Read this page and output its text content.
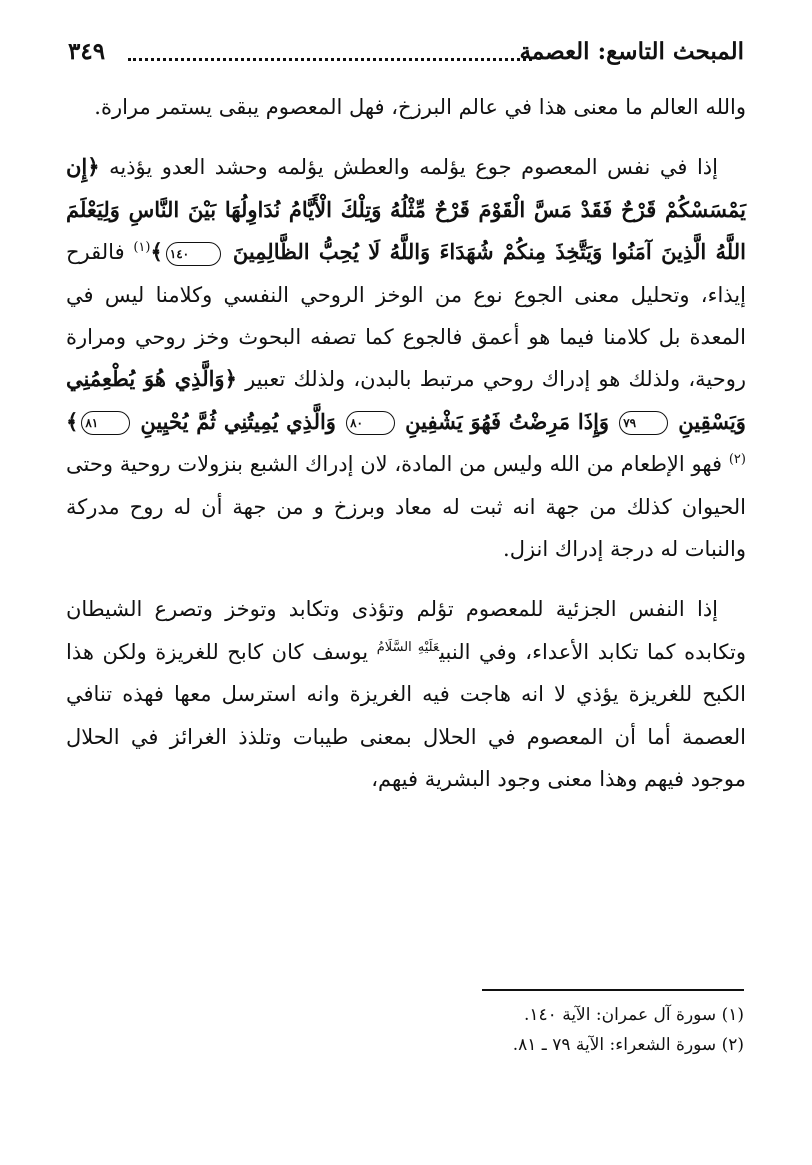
المبحث التاسع: العصمة
٣٤٩

والله العالم ما معنى هذا في عالم البرزخ، فهل المعصوم يبقى يستمر مرارة.

إذا في نفس المعصوم جوع يؤلمه والعطش يؤلمه وحشد العدو يؤذيه ﴿إِن يَمْسَسْكُمْ قَرْحٌ فَقَدْ مَسَّ الْقَوْمَ قَرْحٌ مِّثْلُهُ وَتِلْكَ الْأَيَّامُ نُدَاوِلُهَا بَيْنَ النَّاسِ وَلِيَعْلَمَ اللَّهُ الَّذِينَ آمَنُوا وَيَتَّخِذَ مِنكُمْ شُهَدَاءَ وَاللَّهُ لَا يُحِبُّ الظَّالِمِينَ ١٤٠﴾$^{(١)}$ فالقرح إيذاء، وتحليل معنى الجوع نوع من الوخز الروحي النفسي وكلامنا ليس في المعدة بل كلامنا فيما هو أعمق فالجوع كما تصفه البحوث وخز روحي ومرارة روحية، ولذلك هو إدراك روحي مرتبط بالبدن، ولذلك تعبير ﴿وَالَّذِي هُوَ يُطْعِمُنِي وَيَسْقِينِ ٧٩ وَإِذَا مَرِضْتُ فَهُوَ يَشْفِينِ ٨٠ وَالَّذِي يُمِيتُنِي ثُمَّ يُحْيِينِ ٨١﴾$^{(٢)}$ فهو الإطعام من الله وليس من المادة، لان إدراك الشبع بنزولات روحية وحتى الحيوان كذلك من جهة انه ثبت له معاد وبرزخ و من جهة أن له روح مدركة والنبات له درجة إدراك انزل.

إذا النفس الجزئية للمعصوم تؤلم وتؤذى وتكابد وتوخز وتصرع الشيطان وتكابده كما تكابد الأعداء، وفي النبي$^{عَلَيْهِ السَّلَامُ}$ يوسف كان كابح للغريزة ولكن هذا الكبح للغريزة يؤذي لا انه هاجت فيه الغريزة وانه استرسل معها فهذه تنافي العصمة أما أن المعصوم في الحلال بمعنى طيبات وتلذذ الغرائز في الحلال موجود فيهم وهذا معنى وجود البشرية فيهم،

(١) سورة آل عمران: الآية ١٤٠.

(٢) سورة الشعراء: الآية ٧٩ ـ ٨١.
